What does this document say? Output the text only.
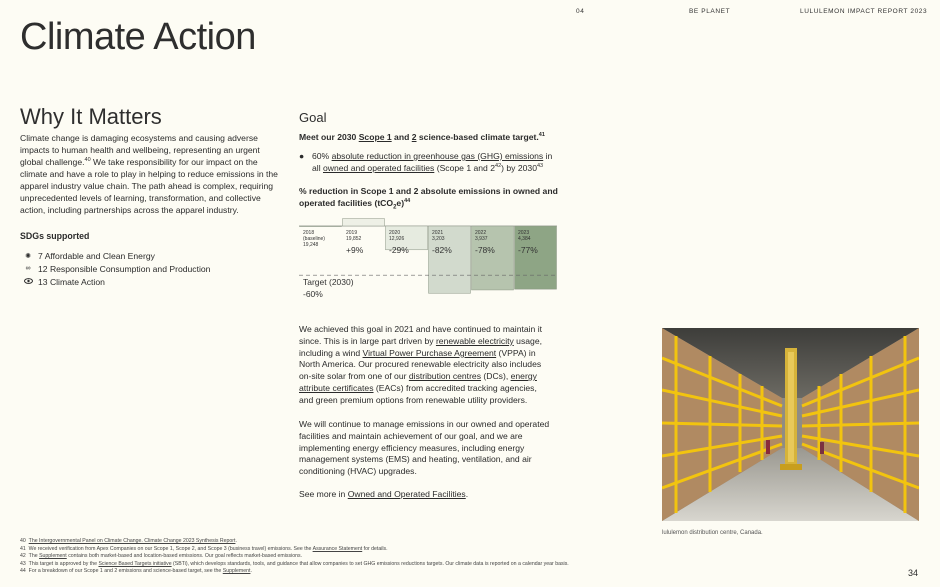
04	BE PLANET	LULULEMON IMPACT REPORT 2023
Climate Action
Why It Matters
Climate change is damaging ecosystems and causing adverse impacts to human health and wellbeing, representing an urgent global challenge.$^{40}$ We take responsibility for our impact on the climate and have a role to play in helping to reduce emissions in the apparel industry value chain. The path ahead is complex, requiring unprecedented levels of learning, transformation, and collective action, including partnerships across the apparel industry.
SDGs supported
✺ 7 Affordable and Clean Energy
∞ 12 Responsible Consumption and Production
13 Climate Action
Goal
Meet our 2030 Scope 1 and 2 science-based climate target.$^{41}$
● 60% absolute reduction in greenhouse gas (GHG) emissions in all owned and operated facilities (Scope 1 and $2^{42}$) by 2030$^{43}$
% reduction in Scope 1 and 2 absolute emissions in owned and operated facilities $(tCO_2e)^{44}$
2018
(baseline)
19,248
2019
19,852
+9%
2020
12,926
-29%
2021
3,203
-82%
2022
3,937
-78%
2023
4,384
-77%
Target (2030)
-60%
We achieved this goal in 2021 and have continued to maintain it since. This is in large part driven by renewable electricity usage, including a wind Virtual Power Purchase Agreement (VPPA) in North America. Our procured renewable electricity also includes on-site solar from one of our distribution centres (DCs), energy attribute certificates (EACs) from accredited tracking agencies, and green premium options from renewable utility providers.
We will continue to manage emissions in our owned and operated facilities and maintain achievement of our goal, and we are implementing energy efficiency measures, including energy management systems (EMS) and heating, ventilation, and air conditioning (HVAC) upgrades.
See more in Owned and Operated Facilities.
lululemon distribution centre, Canada.
40 The Intergovernmental Panel on Climate Change. Climate Change 2023 Synthesis Report.
41 We received verification from Apex Companies on our Scope 1, Scope 2, and Scope 3 (business travel) emissions. See the Assurance Statement for details.
42 The Supplement contains both market-based and location-based emissions. Our goal reflects market-based emissions.
43 This target is approved by the Science Based Targets initiative (SBTi), which develops standards, tools, and guidance that allow companies to set GHG emissions reductions targets. Our climate data is reported on a calendar year basis.
44 For a breakdown of our Scope 1 and 2 emissions and science-based target, see the Supplement.	34
